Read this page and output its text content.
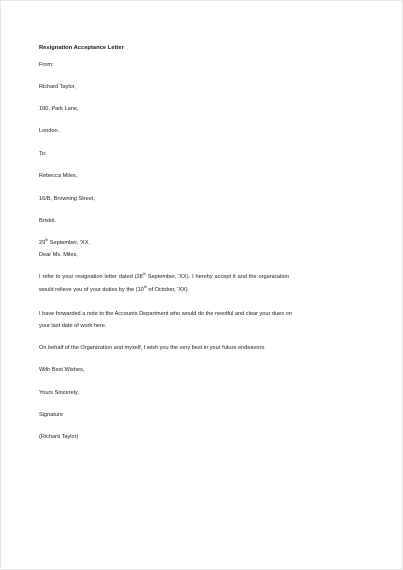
Resignation Acceptance Letter
From:
Richard Taylor,
190, Park Lane,
London.
To:
Rebecca Miles,
16/B, Browning Street,
Bristol.
29th September, 'XX.
Dear Ms. Miles,
I refer to your resignation letter dated (28th September, 'XX). I hereby accept it and the organization
would relieve you of your duties by the (10th of October, 'XX).
I have forwarded a note to the Accounts Department who would do the needful and clear your dues on
your last date of work here.
On behalf of the Organization and myself, I wish you the very best in your future endeavors.
With Best Wishes,
Yours Sincerely,
Signature
(Richard Taylor)
